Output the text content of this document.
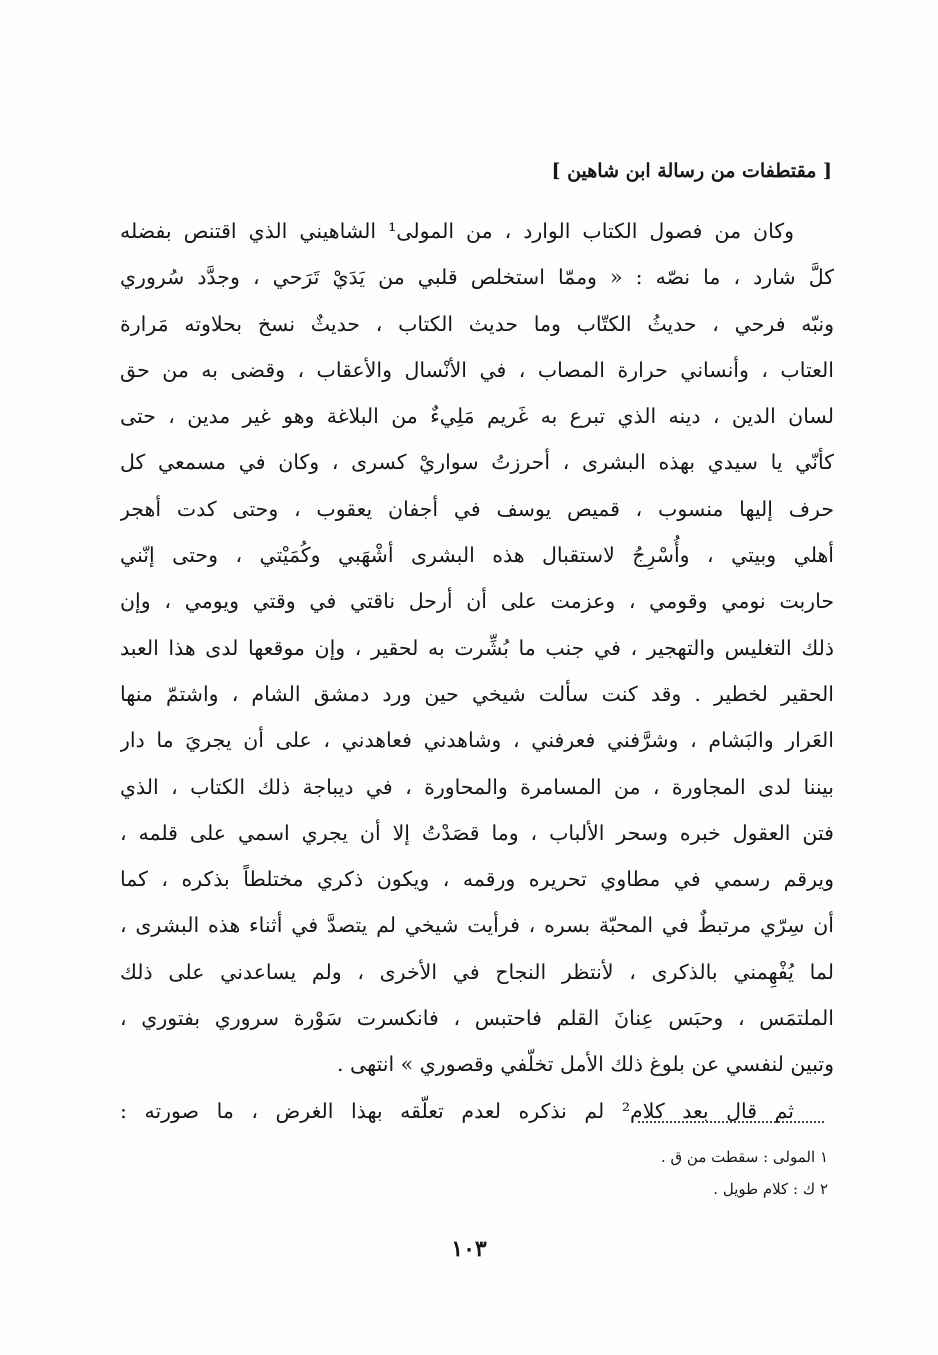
[ مقتطفات من رسالة ابن شاهين ]
وكان من فصول الكتاب الوارد ، من المولى¹ الشاهيني الذي اقتنص بفضله
كلَّ شارد ، ما نصّه : « وممّا استخلص قلبي من يَدَيْ تَرَحي ، وجدَّد سُروري
ونبّه فرحي ، حديثُ الكتّاب وما حديث الكتاب ، حديثٌ نسخ بحلاوته مَرارة
العتاب ، وأنساني حرارة المصاب ، في الأنْسال والأعقاب ، وقضى به من حق
لسان الدين ، دينه الذي تبرع به غَريم مَلِيءٌ من البلاغة وهو غير مدين ، حتى
كأنّي يا سيدي بهذه البشرى ، أحرزتُ سواريْ كسرى ، وكان في مسمعي كل
حرف إليها منسوب ، قميص يوسف في أجفان يعقوب ، وحتى كدت أهجر
أهلي وبيتي ، وأُسْرِجُ لاستقبال هذه البشرى أشْهَبي وكُمَيْتي ، وحتى إنّني
حاربت نومي وقومي ، وعزمت على أن أرحل ناقتي في وقتي ويومي ، وإن
ذلك التغليس والتهجير ، في جنب ما بُشِّرت به لحقير ، وإن موقعها لدى هذا العبد
الحقير لخطير . وقد كنت سألت شيخي حين ورد دمشق الشام ، واشتمّ منها
العَرار والبَشام ، وشرَّفني فعرفني ، وشاهدني فعاهدني ، على أن يجريَ ما دار
بيننا لدى المجاورة ، من المسامرة والمحاورة ، في ديباجة ذلك الكتاب ، الذي
فتن العقول خبره وسحر الألباب ، وما قصَدْتُ إلا أن يجري اسمي على قلمه ،
ويرقم رسمي في مطاوي تحريره ورقمه ، ويكون ذكري مختلطاً بذكره ، كما
أن سِرّي مرتبطٌ في المحبّة بسره ، فرأيت شيخي لم يتصدَّ في أثناء هذه البشرى ،
لما يُفْهِمني بالذكرى ، لأنتظر النجاح في الأخرى ، ولم يساعدني على ذلك
الملتمَس ، وحبَس عِنانَ القلم فاحتبس ، فانكسرت سَوْرة سروري بفتوري ،
وتبين لنفسي عن بلوغ ذلك الأمل تخلّفي وقصوري » انتهى .
ثم قال بعد كلام² لم نذكره لعدم تعلّقه بهذا الغرض ، ما صورته :
١ المولى : سقطت من ق .
٢ ك : كلام طويل .
١٠٣
